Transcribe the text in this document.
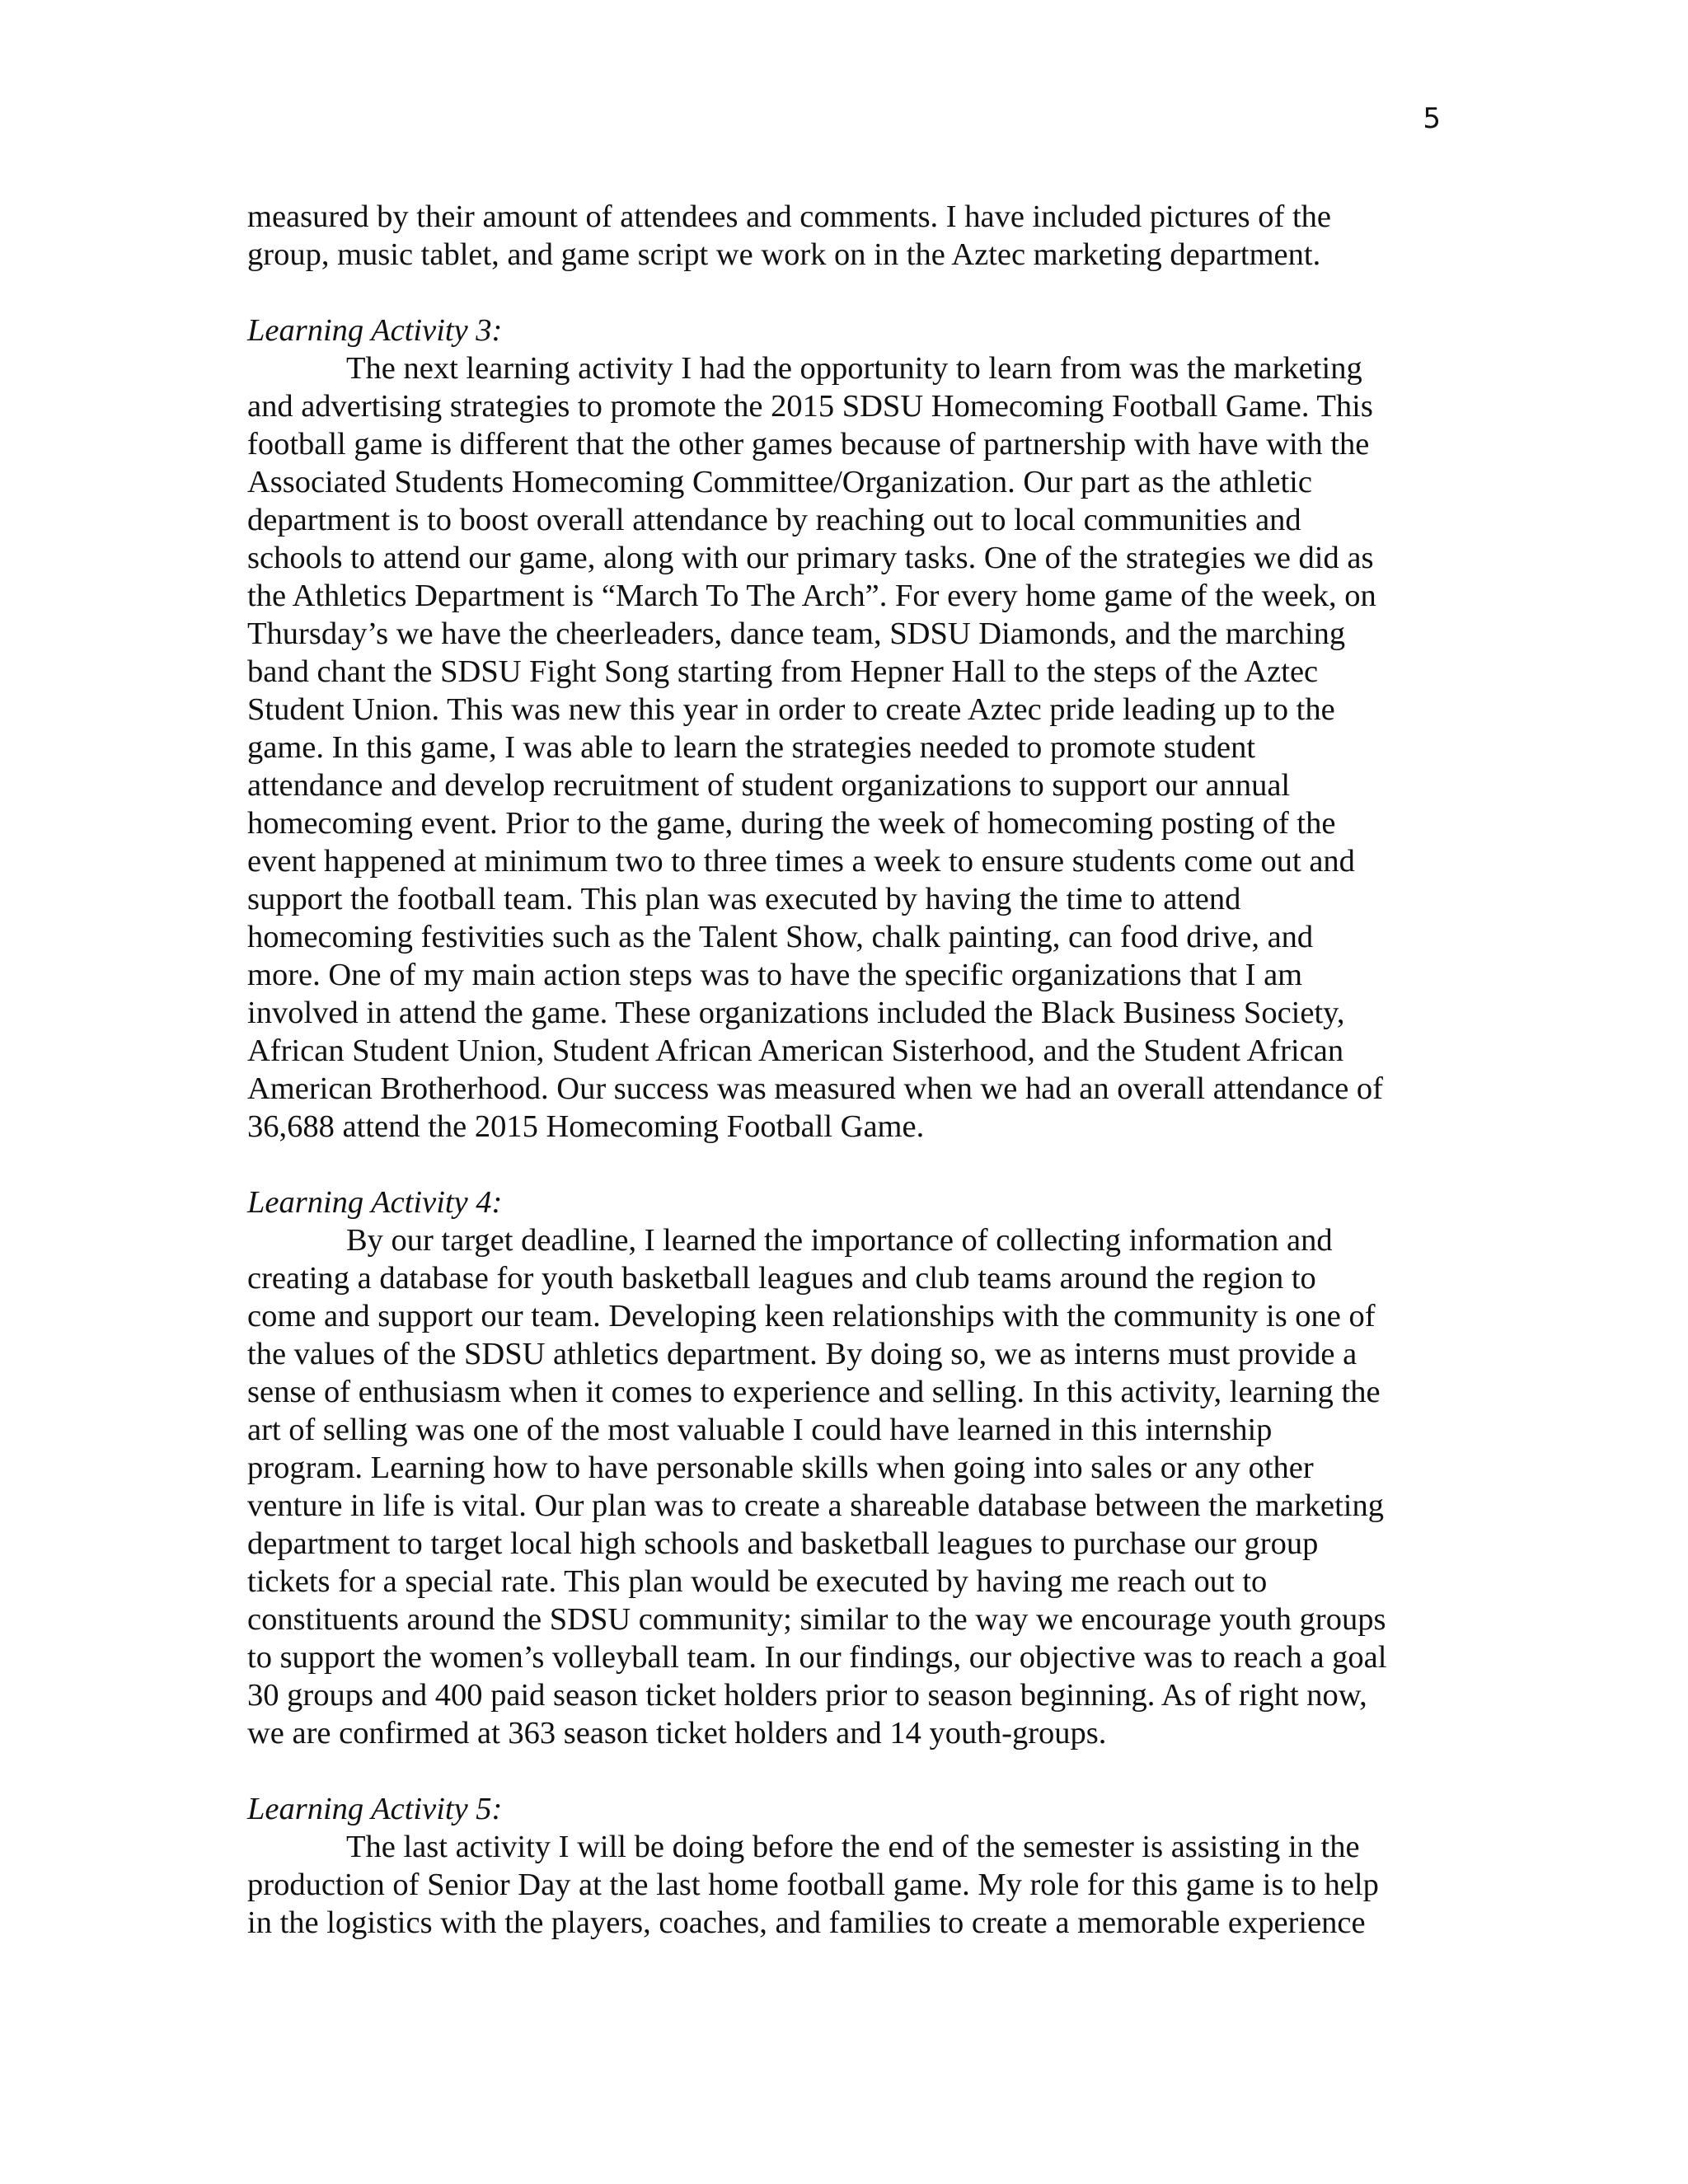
5
measured by their amount of attendees and comments. I have included pictures of the
group, music tablet, and game script we work on in the Aztec marketing department.
Learning Activity 3:
The next learning activity I had the opportunity to learn from was the marketing
and advertising strategies to promote the 2015 SDSU Homecoming Football Game. This
football game is different that the other games because of partnership with have with the
Associated Students Homecoming Committee/Organization. Our part as the athletic
department is to boost overall attendance by reaching out to local communities and
schools to attend our game, along with our primary tasks. One of the strategies we did as
the Athletics Department is “March To The Arch”. For every home game of the week, on
Thursday’s we have the cheerleaders, dance team, SDSU Diamonds, and the marching
band chant the SDSU Fight Song starting from Hepner Hall to the steps of the Aztec
Student Union. This was new this year in order to create Aztec pride leading up to the
game. In this game, I was able to learn the strategies needed to promote student
attendance and develop recruitment of student organizations to support our annual
homecoming event. Prior to the game, during the week of homecoming posting of the
event happened at minimum two to three times a week to ensure students come out and
support the football team. This plan was executed by having the time to attend
homecoming festivities such as the Talent Show, chalk painting, can food drive, and
more. One of my main action steps was to have the specific organizations that I am
involved in attend the game. These organizations included the Black Business Society,
African Student Union, Student African American Sisterhood, and the Student African
American Brotherhood. Our success was measured when we had an overall attendance of
36,688 attend the 2015 Homecoming Football Game.
Learning Activity 4:
By our target deadline, I learned the importance of collecting information and
creating a database for youth basketball leagues and club teams around the region to
come and support our team. Developing keen relationships with the community is one of
the values of the SDSU athletics department. By doing so, we as interns must provide a
sense of enthusiasm when it comes to experience and selling. In this activity, learning the
art of selling was one of the most valuable I could have learned in this internship
program. Learning how to have personable skills when going into sales or any other
venture in life is vital. Our plan was to create a shareable database between the marketing
department to target local high schools and basketball leagues to purchase our group
tickets for a special rate. This plan would be executed by having me reach out to
constituents around the SDSU community; similar to the way we encourage youth groups
to support the women’s volleyball team. In our findings, our objective was to reach a goal
30 groups and 400 paid season ticket holders prior to season beginning. As of right now,
we are confirmed at 363 season ticket holders and 14 youth-groups.
Learning Activity 5:
The last activity I will be doing before the end of the semester is assisting in the
production of Senior Day at the last home football game. My role for this game is to help
in the logistics with the players, coaches, and families to create a memorable experience
